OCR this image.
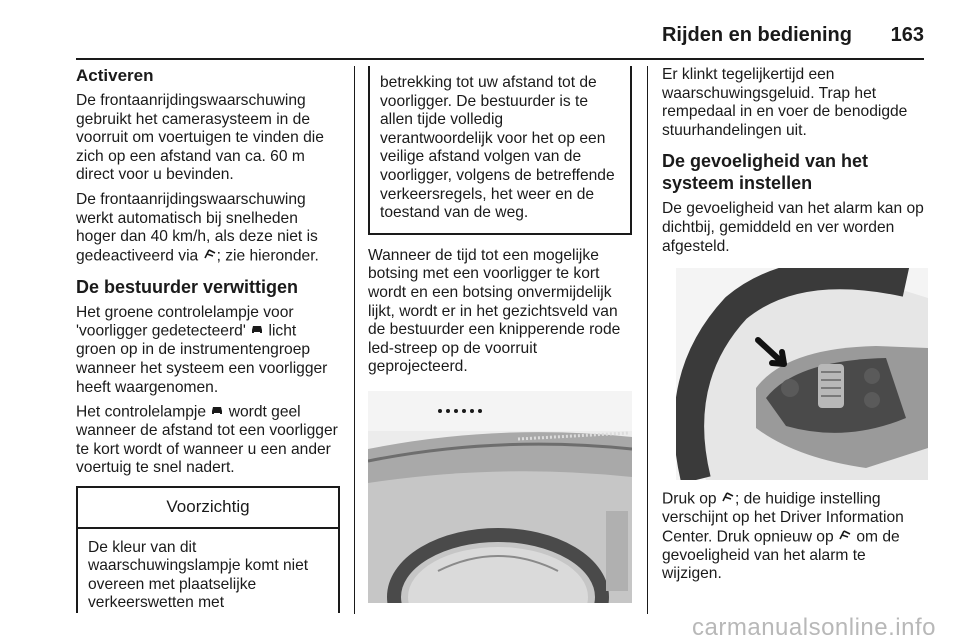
Rijden en bediening 163
Activeren

De frontaanrijdingswaarschuwing gebruikt het camerasysteem in de voorruit om voertuigen te vinden die zich op een afstand van ca. 60 m direct voor u bevinden.

De frontaanrijdingswaarschuwing werkt automatisch bij snelheden hoger dan 40 km/h, als deze niet is gedeactiveerd via ; zie hieronder.

De bestuurder verwittigen

Het groene controlelampje voor 'voorligger gedetecteerd' licht groen op in de instrumentengroep wanneer het systeem een voorligger heeft waargenomen.

Het controlelampje wordt geel wanneer de afstand tot een voorligger te kort wordt of wanneer u een ander voertuig te snel nadert.

Voorzichtig
De kleur van dit waarschuwingslampje komt niet overeen met plaatselijke verkeerswetten met
betrekking tot uw afstand tot de voorligger. De bestuurder is te allen tijde volledig verantwoordelijk voor het op een veilige afstand volgen van de voorligger, volgens de betreffende verkeersregels, het weer en de toestand van de weg.

Wanneer de tijd tot een mogelijke botsing met een voorligger te kort wordt en een botsing onvermijdelijk lijkt, wordt er in het gezichtsveld van de bestuurder een knipperende rode led-streep op de voorruit geprojecteerd.

Er klinkt tegelijkertijd een waarschuwingsgeluid. Trap het rempedaal in en voer de benodigde stuurhandelingen uit.

De gevoeligheid van het systeem instellen

De gevoeligheid van het alarm kan op dichtbij, gemiddeld en ver worden afgesteld.

Druk op ; de huidige instelling verschijnt op het Driver Information Center. Druk opnieuw op om de gevoeligheid van het alarm te wijzigen.

carmanualsonline.info
